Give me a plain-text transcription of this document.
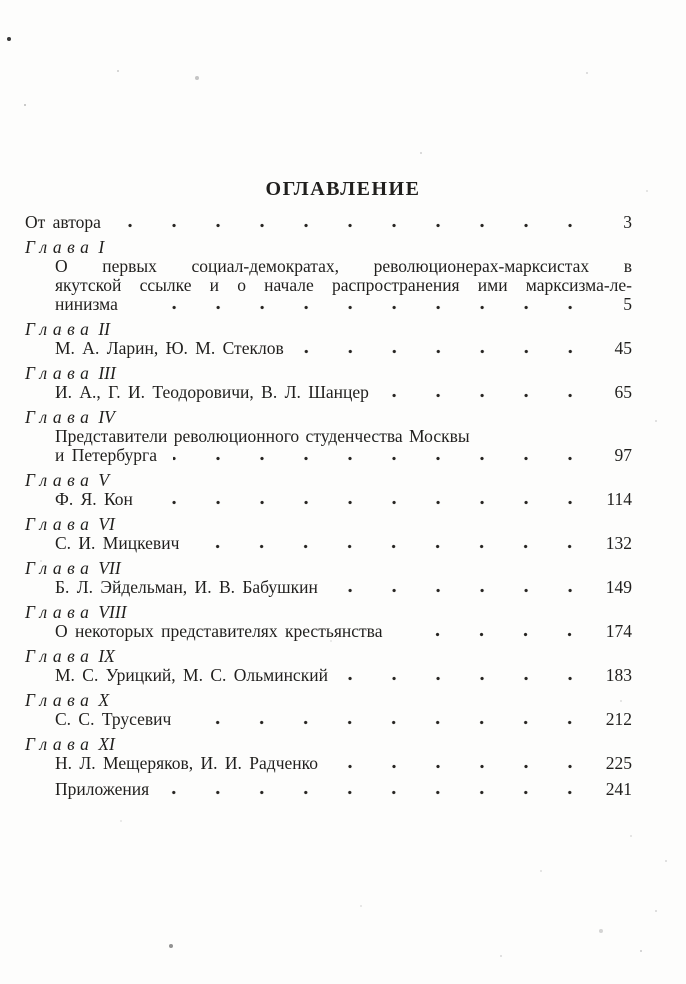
ОГЛАВЛЕНИЕ
От автора	3
Глава I
О первых социал-демократах, революционерах-марксистах в
якутской ссылке и о начале распространения ими марксизма-ле-
нинизма	5
Глава II
М. А. Ларин, Ю. М. Стеклов	45
Глава III
И. А., Г. И. Теодоровичи, В. Л. Шанцер	65
Глава IV
Представители революционного студенчества Москвы
и Петербурга	97
Глава V
Ф. Я. Кон	114
Глава VI
С. И. Мицкевич	132
Глава VII
Б. Л. Эйдельман, И. В. Бабушкин	149
Глава VIII
О некоторых представителях крестьянства	174
Глава IX
М. С. Урицкий, М. С. Ольминский	183
Глава X
С. С. Трусевич	212
Глава XI
Н. Л. Мещеряков, И. И. Радченко	225
Приложения	241
